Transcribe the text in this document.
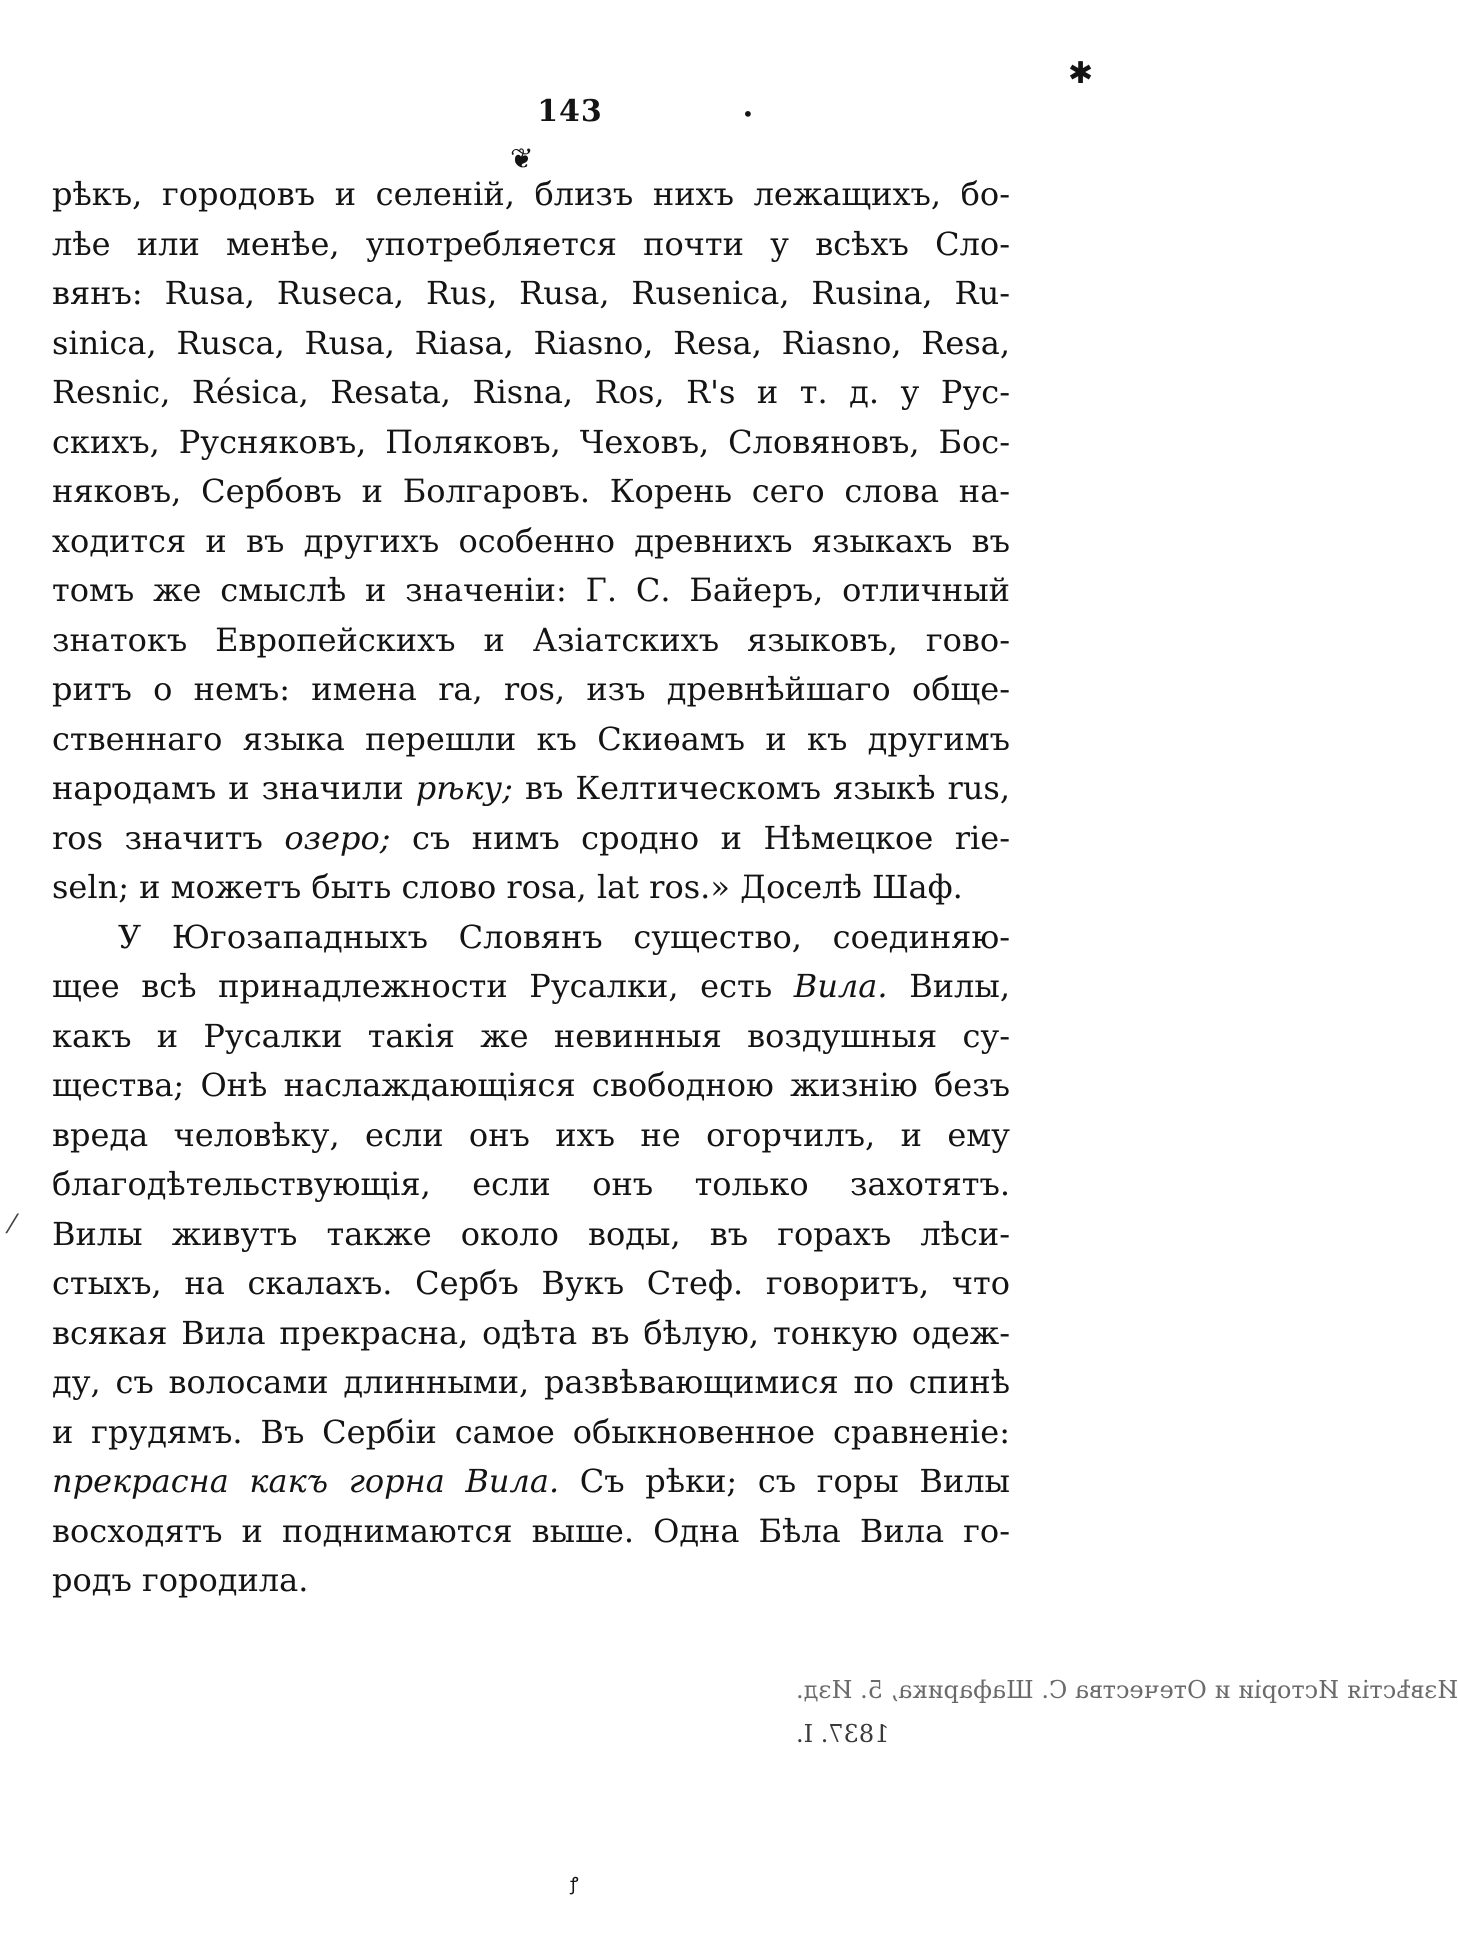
✱
143	•
❦
рѣкъ, городовъ и селенiй, близъ нихъ лежащихъ, бо-
лѣе или менѣе, употребляется почти у всѣхъ Сло-
вянъ: Rusa, Ruseca, Rus, Rusa, Rusenica, Rusina, Ru-
sinica, Rusca, Rusa, Riasa, Riasno, Resa, Riasno, Resa,
Resnic, Résica, Resata, Risna, Ros, R's и т. д. у Рус-
скихъ, Русняковъ, Поляковъ, Чеховъ, Словяновъ, Бос-
няковъ, Сербовъ и Болгаровъ. Корень сего слова на-
ходится и въ другихъ особенно древнихъ языкахъ въ
томъ же смыслѣ и значенiи: Г. С. Байеръ, отличный
знатокъ Европейскихъ и Азiатскихъ языковъ, гово-
ритъ о немъ: имена ra, ros, изъ древнѣйшаго обще-
ственнаго языка перешли къ Скиѳамъ и къ другимъ
народамъ и значили рѣку; въ Келтическомъ языкѣ rus,
ros значитъ озеро; съ нимъ сродно и Нѣмецкое rie-
seln; и можетъ быть слово rosa, lat ros.» Доселѣ Шаф.
У Югозападныхъ Словянъ существо, соединяю-
щее всѣ принадлежности Русалки, есть Вила. Вилы,
какъ и Русалки такiя же невинныя воздушныя су-
щества; Онѣ наслаждающiяся свободною жизнiю безъ
вреда человѣку, если онъ ихъ не огорчилъ, и ему
благодѣтельствующiя, если онъ только захотятъ.
Вилы живутъ также около воды, въ горахъ лѣси-
стыхъ, на скалахъ. Сербъ Вукъ Стеф. говоритъ, что
всякая Вила прекрасна, одѣта въ бѣлую, тонкую одеж-
ду, съ волосами длинными, развѣвающимися по спинѣ
и грудямъ. Въ Сербiи самое обыкновенное сравненiе:
прекрасна какъ горна Вила. Съ рѣки; съ горы Вилы
восходятъ и поднимаются выше. Одна Бѣла Вила го-
родъ городила.
Извѣстiя Исторiи и Отечества С. Шафарика, 5. Изд.
1837. I.
⁄
ꝭ
